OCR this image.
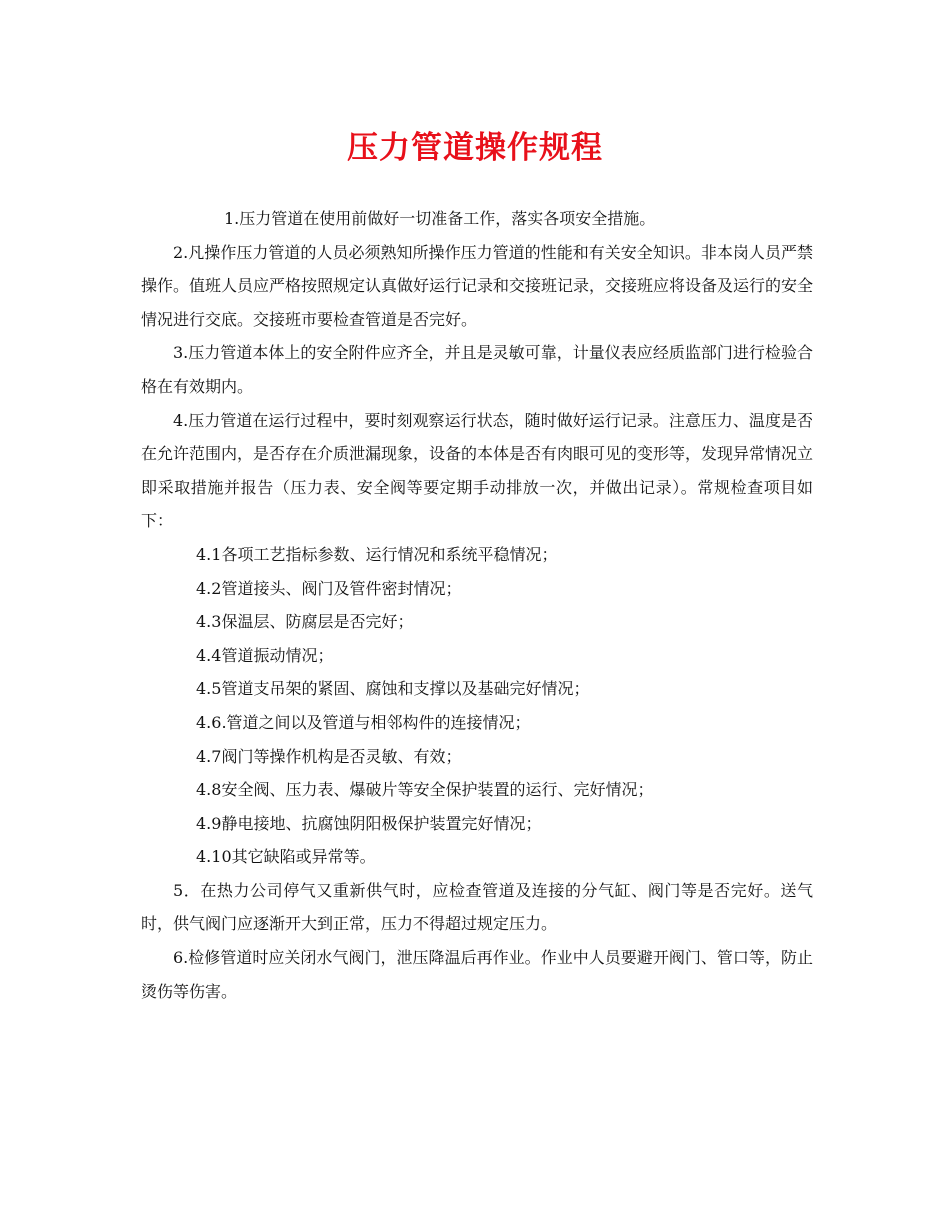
压力管道操作规程

1.压力管道在使用前做好一切准备工作，落实各项安全措施。

2.凡操作压力管道的人员必须熟知所操作压力管道的性能和有关安全知识。非本岗人员严禁操作。值班人员应严格按照规定认真做好运行记录和交接班记录，交接班应将设备及运行的安全情况进行交底。交接班市要检查管道是否完好。

3.压力管道本体上的安全附件应齐全，并且是灵敏可靠，计量仪表应经质监部门进行检验合格在有效期内。

4.压力管道在运行过程中，要时刻观察运行状态，随时做好运行记录。注意压力、温度是否在允许范围内，是否存在介质泄漏现象，设备的本体是否有肉眼可见的变形等，发现异常情况立即采取措施并报告（压力表、安全阀等要定期手动排放一次，并做出记录）。常规检查项目如下：

4.1各项工艺指标参数、运行情况和系统平稳情况；

4.2管道接头、阀门及管件密封情况；

4.3保温层、防腐层是否完好；

4.4管道振动情况；

4.5管道支吊架的紧固、腐蚀和支撑以及基础完好情况；

4.6.管道之间以及管道与相邻构件的连接情况；

4.7阀门等操作机构是否灵敏、有效；

4.8安全阀、压力表、爆破片等安全保护装置的运行、完好情况；

4.9静电接地、抗腐蚀阴阳极保护装置完好情况；

4.10其它缺陷或异常等。

5．在热力公司停气又重新供气时，应检查管道及连接的分气缸、阀门等是否完好。送气时，供气阀门应逐渐开大到正常，压力不得超过规定压力。

6.检修管道时应关闭水气阀门，泄压降温后再作业。作业中人员要避开阀门、管口等，防止烫伤等伤害。
